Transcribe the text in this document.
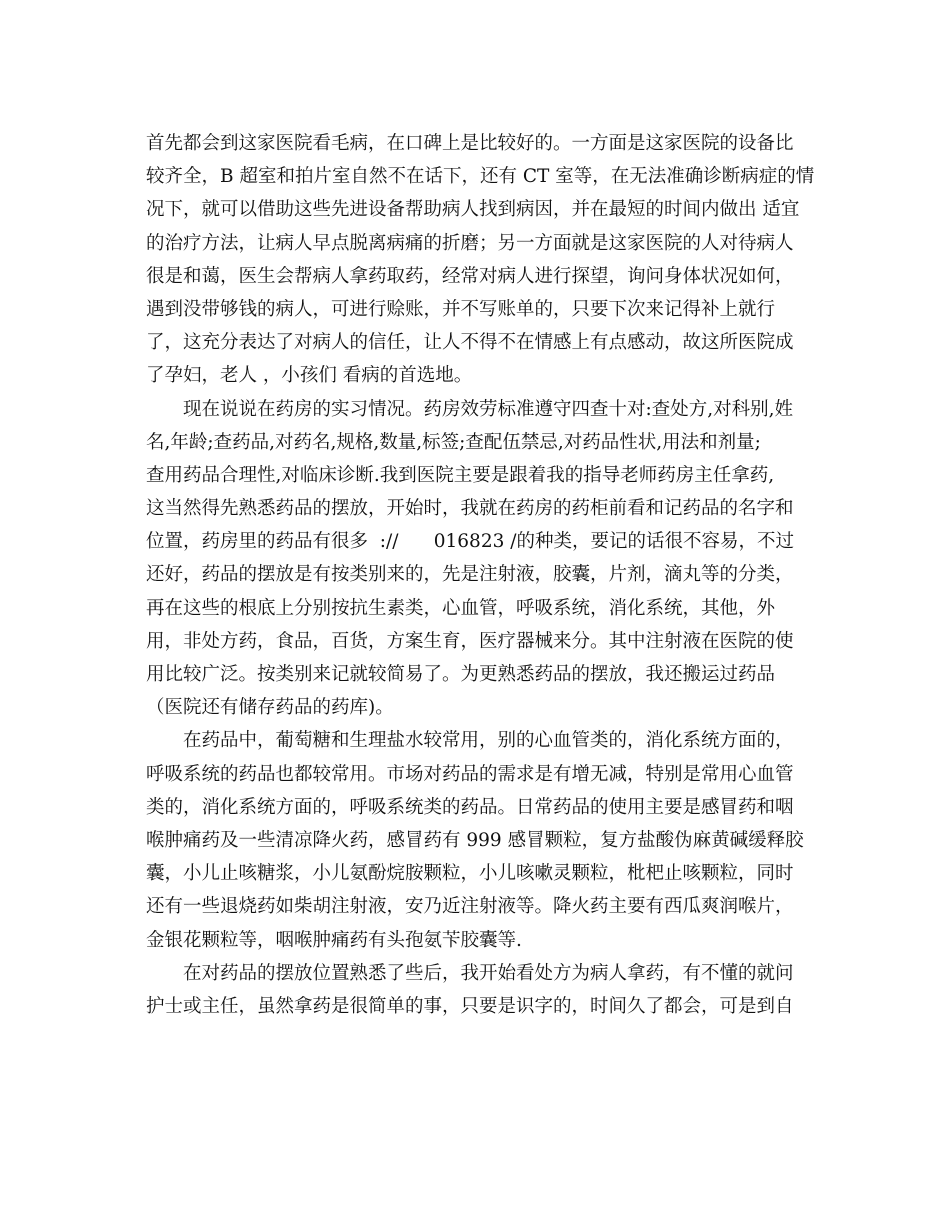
首先都会到这家医院看毛病，在口碑上是比较好的。一方面是这家医院的设备比
较齐全，B 超室和拍片室自然不在话下，还有 CT 室等，在无法准确诊断病症的情
况下，就可以借助这些先进设备帮助病人找到病因，并在最短的时间内做出 适宜
的治疗方法，让病人早点脱离病痛的折磨；另一方面就是这家医院的人对待病人
很是和蔼，医生会帮病人拿药取药，经常对病人进行探望，询问身体状况如何，
遇到没带够钱的病人，可进行赊账，并不写账单的，只要下次来记得补上就行
了，这充分表达了对病人的信任，让人不得不在情感上有点感动，故这所医院成
了孕妇，老人 ，小孩们 看病的首选地。
现在说说在药房的实习情况。药房效劳标准遵守四查十对:查处方,对科别,姓
名,年龄;查药品,对药名,规格,数量,标签;查配伍禁忌,对药品性状,用法和剂量;
查用药品合理性,对临床诊断.我到医院主要是跟着我的指导老师药房主任拿药,
这当然得先熟悉药品的摆放，开始时，我就在药房的药柜前看和记药品的名字和
位置，药房里的药品有很多  ://      016823 /的种类，要记的话很不容易，不过
还好，药品的摆放是有按类别来的，先是注射液，胶囊，片剂，滴丸等的分类，
再在这些的根底上分别按抗生素类，心血管，呼吸系统，消化系统，其他，外
用，非处方药，食品，百货，方案生育，医疗器械来分。其中注射液在医院的使
用比较广泛。按类别来记就较简易了。为更熟悉药品的摆放，我还搬运过药品
（医院还有储存药品的药库)。
在药品中，葡萄糖和生理盐水较常用，别的心血管类的，消化系统方面的，
呼吸系统的药品也都较常用。市场对药品的需求是有增无减，特别是常用心血管
类的，消化系统方面的，呼吸系统类的药品。日常药品的使用主要是感冒药和咽
喉肿痛药及一些清凉降火药，感冒药有 999 感冒颗粒，复方盐酸伪麻黄碱缓释胶
囊，小儿止咳糖浆，小儿氨酚烷胺颗粒，小儿咳嗽灵颗粒，枇杷止咳颗粒，同时
还有一些退烧药如柴胡注射液，安乃近注射液等。降火药主要有西瓜爽润喉片，
金银花颗粒等，咽喉肿痛药有头孢氨苄胶囊等.
在对药品的摆放位置熟悉了些后，我开始看处方为病人拿药，有不懂的就问
护士或主任，虽然拿药是很简单的事，只要是识字的，时间久了都会，可是到自
